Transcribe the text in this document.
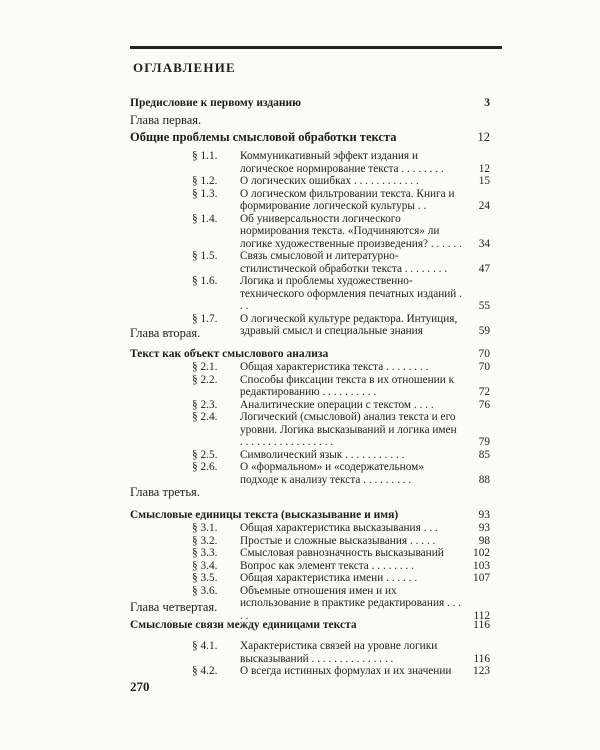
ОГЛАВЛЕНИЕ
Предисловие к первому изданию	3
Глава первая.
Общие проблемы смысловой обработки текста	12
§ 1.1. Коммуникативный эффект издания и логическое нормирование текста . . . . . . . .	12
§ 1.2. О логических ошибках . . . . . . . . . . . .	15
§ 1.3. О логическом фильтровании текста. Книга и формирование логической культуры . .	24
§ 1.4. Об универсальности логического нормирования текста. «Подчиняются» ли логике художественные произведения? . . . . . .	34
§ 1.5. Связь смысловой и литературно-стилистической обработки текста . . . . . . . .	47
§ 1.6. Логика и проблемы художественно-технического оформления печатных изданий . . .	55
§ 1.7. О логической культуре редактора. Интуиция, здравый смысл и специальные знания	59
Глава вторая.
Текст как объект смыслового анализа	70
§ 2.1. Общая характеристика текста . . . . . . . .	70
§ 2.2. Способы фиксации текста в их отношении к редактированию . . . . . . . . . .	72
§ 2.3. Аналитические операции с текстом . . . .	76
§ 2.4. Логический (смысловой) анализ текста и его уровни. Логика высказываний и логика имен . . . . . . . . . . . . . . . . .	79
§ 2.5. Символический язык . . . . . . . . . . .	85
§ 2.6. О «формальном» и «содержательном» подходе к анализу текста . . . . . . . . .	88
Глава третья.
Смысловые единицы текста (высказывание и имя)	93
§ 3.1. Общая характеристика высказывания . . .	93
§ 3.2. Простые и сложные высказывания . . . . .	98
§ 3.3. Смысловая равнозначность высказываний	102
§ 3.4. Вопрос как элемент текста . . . . . . . .	103
§ 3.5. Общая характеристика имени . . . . . .	107
§ 3.6. Объемные отношения имен и их использование в практике редактирования . . . . .	112
Глава четвертая.
Смысловые связи между единицами текста	116
§ 4.1. Характеристика связей на уровне логики высказываний . . . . . . . . . . . . . . .	116
§ 4.2. О всегда истинных формулах и их значении	123
270
